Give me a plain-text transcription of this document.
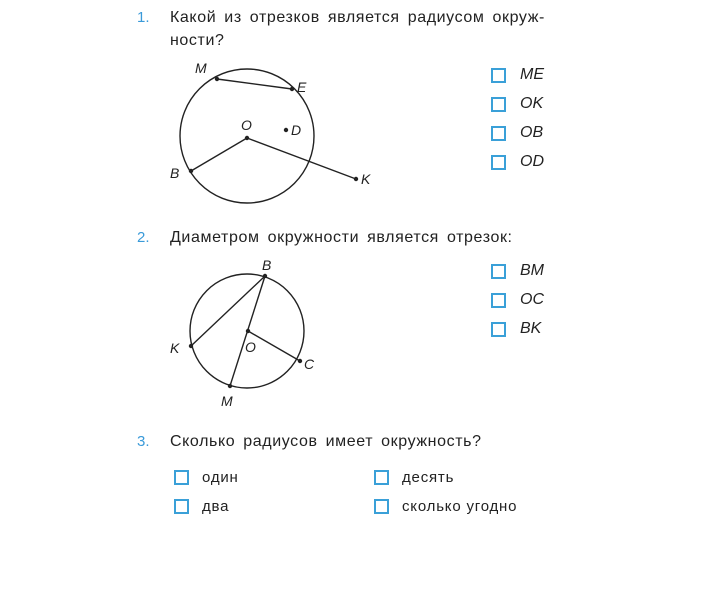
1. Какой из отрезков является радиусом окруж-
ности?
M
E
O	D
B	K
ME
OK
OB
OD
2. Диаметром окружности является отрезок:
B
K	O
C
M
BM
OC
BK
3. Сколько радиусов имеет окружность?
один
два
десять
сколько угодно
